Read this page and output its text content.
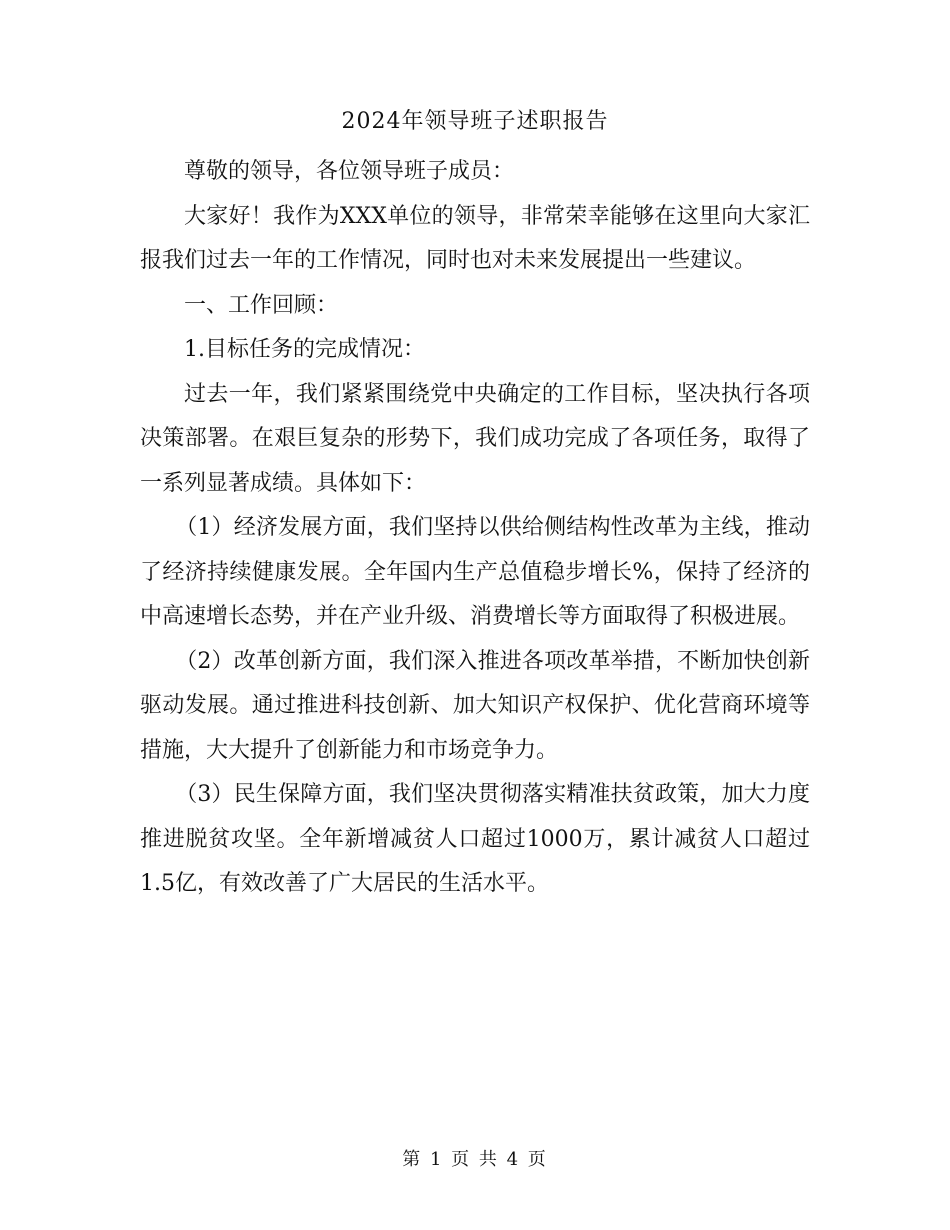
2024年领导班子述职报告

尊敬的领导，各位领导班子成员：

大家好！我作为XXX单位的领导，非常荣幸能够在这里向大家汇报我们过去一年的工作情况，同时也对未来发展提出一些建议。

一、工作回顾：

1.目标任务的完成情况：

过去一年，我们紧紧围绕党中央确定的工作目标，坚决执行各项决策部署。在艰巨复杂的形势下，我们成功完成了各项任务，取得了一系列显著成绩。具体如下：

（1）经济发展方面，我们坚持以供给侧结构性改革为主线，推动了经济持续健康发展。全年国内生产总值稳步增长%，保持了经济的中高速增长态势，并在产业升级、消费增长等方面取得了积极进展。

（2）改革创新方面，我们深入推进各项改革举措，不断加快创新驱动发展。通过推进科技创新、加大知识产权保护、优化营商环境等措施，大大提升了创新能力和市场竞争力。

（3）民生保障方面，我们坚决贯彻落实精准扶贫政策，加大力度推进脱贫攻坚。全年新增减贫人口超过1000万，累计减贫人口超过1.5亿，有效改善了广大居民的生活水平。

第 1 页 共 4 页
